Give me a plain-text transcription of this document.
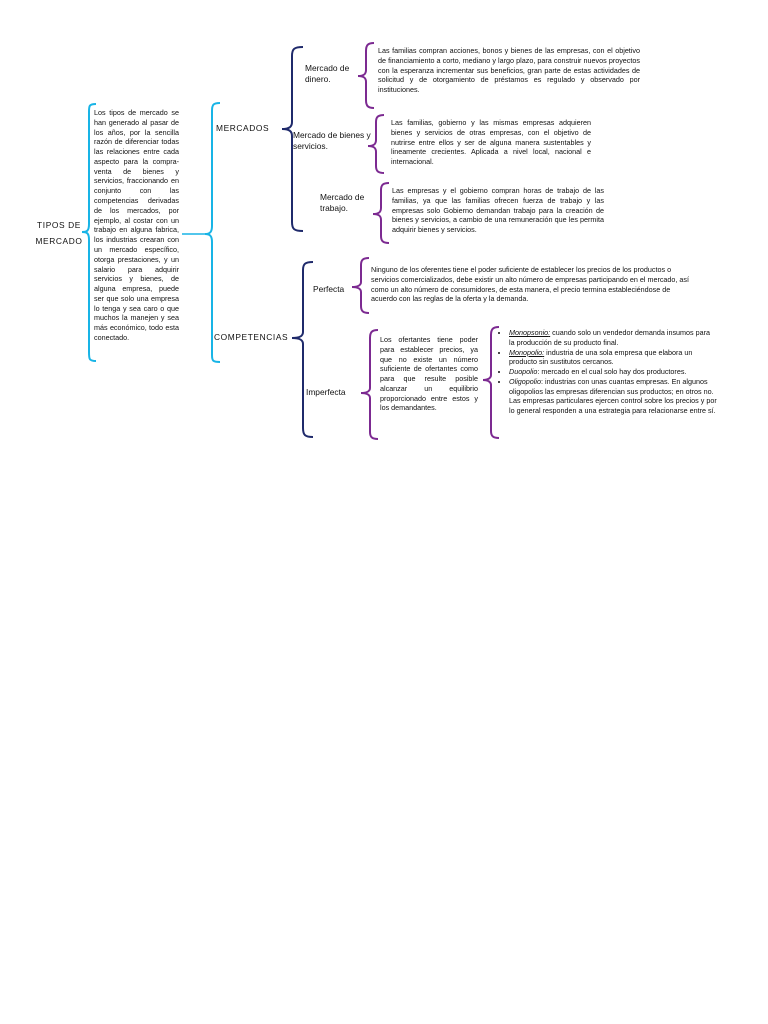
TIPOS DE
MERCADO
Los tipos de mercado se han generado al pasar de los años, por la sencilla razón de diferenciar todas las relaciones entre cada aspecto para la compra-venta de bienes y servicios, fraccionando en conjunto con las competencias derivadas de los mercados, por ejemplo, al costar con un trabajo en alguna fabrica, los industrias crearan con un mercado específico, otorga prestaciones, y un salario para adquirir servicios y bienes, de alguna empresa, puede ser que solo una empresa lo tenga y sea caro o que muchos la manejen y sea más económico, todo esta conectado.
MERCADOS
COMPETENCIAS
Mercado de dinero.
Las familias compran acciones, bonos y bienes de las empresas, con el objetivo de financiamiento a corto, mediano y largo plazo, para construir nuevos proyectos con la esperanza incrementar sus beneficios, gran parte de estas actividades de solicitud y de otorgamiento de préstamos es regulado y observado por instituciones.
Mercado de bienes y servicios.
Las familias, gobierno y las mismas empresas adquieren bienes y servicios de otras empresas, con el objetivo de nutrirse entre ellos y ser de alguna manera sustentables y lineamente crecientes. Aplicada a nivel local, nacional e internacional.
Mercado de trabajo.
Las empresas y el gobierno compran horas de trabajo de las familias, ya que las familias ofrecen fuerza de trabajo y las empresas solo Gobierno demandan trabajo para la creación de bienes y servicios, a cambio de una remuneración que les permita adquirir bienes y servicios.
Perfecta
Ninguno de los oferentes tiene el poder suficiente de establecer los precios de los productos o servicios comercializados, debe existir un alto número de empresas participando en el mercado, así como un alto número de consumidores, de esta manera, el precio termina estableciéndose de acuerdo con las reglas de la oferta y la demanda.
Imperfecta
Los ofertantes tiene poder para establecer precios, ya que no existe un número suficiente de ofertantes como para que resulte posible alcanzar un equilibrio proporcionado entre estos y los demandantes.
• Monopsonio: cuando solo un vendedor demanda insumos para la producción de su producto final.
• Monopolio: industria de una sola empresa que elabora un producto sin sustitutos cercanos.
• Duopolio: mercado en el cual solo hay dos productores.
• Oligopolio: industrias con unas cuantas empresas. En algunos oligopolios las empresas diferencian sus productos; en otros no. Las empresas particulares ejercen control sobre los precios y por lo general responden a una estrategia para relacionarse entre sí.
